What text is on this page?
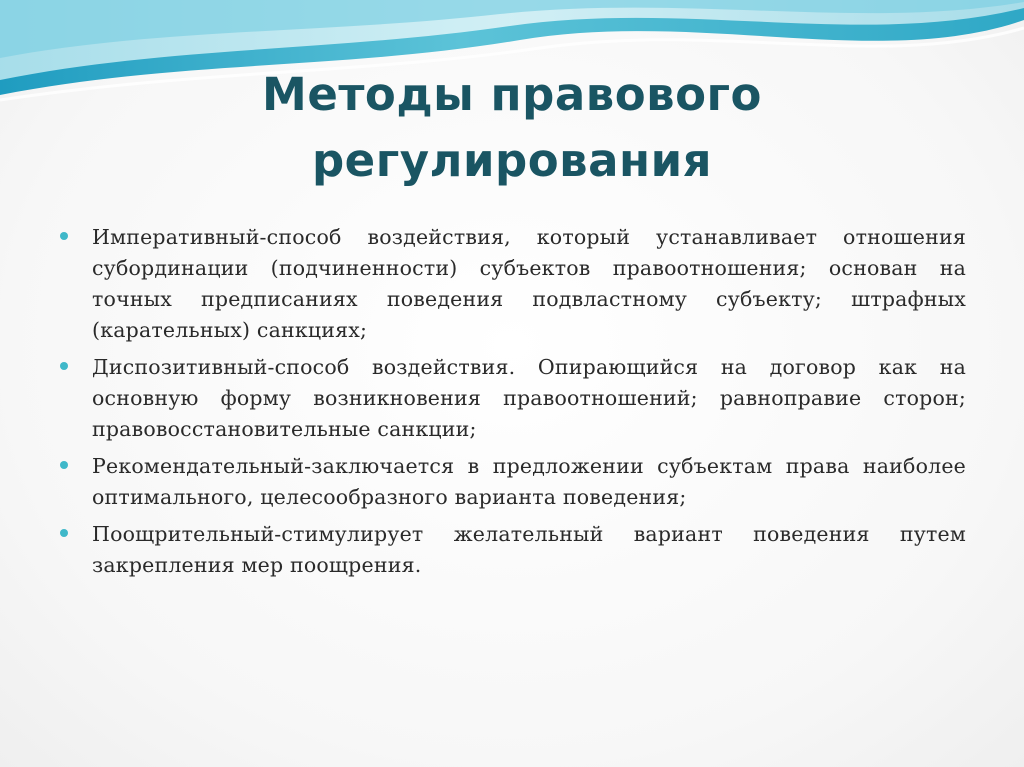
Методы правового
регулирования
Императивный-способ воздействия, который устанавливает отношения субординации (подчиненности) субъектов правоотношения; основан на точных предписаниях поведения подвластному субъекту; штрафных (карательных) санкциях;
Диспозитивный-способ воздействия. Опирающийся на договор как на основную форму возникновения правоотношений; равноправие сторон; правовосстановительные санкции;
Рекомендательный-заключается в предложении субъектам права наиболее оптимального, целесообразного варианта поведения;
Поощрительный-стимулирует желательный вариант поведения путем закрепления мер поощрения.
